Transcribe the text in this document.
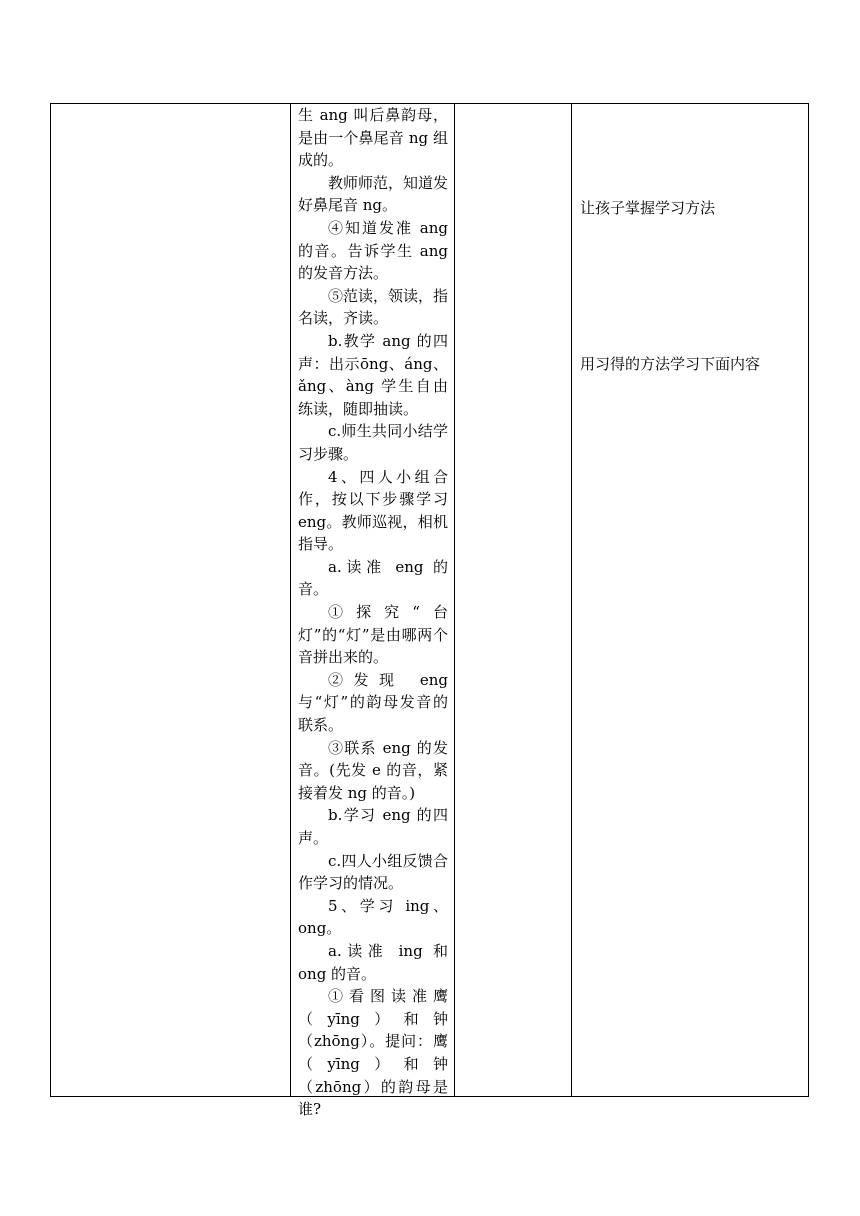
生 ang 叫后鼻韵母，是由一个鼻尾音 ng 组成的。

教师师范，知道发好鼻尾音 ng。

④知道发准 ang 的音。告诉学生 ang 的发音方法。

⑤范读，领读，指名读，齐读。

b.教学 ang 的四声：出示ōng、áng、ǎng、àng 学生自由练读，随即抽读。

c.师生共同小结学习步骤。

4、四人小组合作，按以下步骤学习 eng。教师巡视，相机指导。

a.读准 eng 的音。

①探究“台灯”的“灯”是由哪两个音拼出来的。

②发现 eng 与“灯”的韵母发音的联系。

③联系 eng 的发音。(先发 e 的音，紧接着发 ng 的音。)

b.学习 eng 的四声。

c.四人小组反馈合作学习的情况。

5、学习 ing、ong。

a.读准 ing 和 ong 的音。

①看图读准鹰（yīng）和钟（zhōng）。提问：鹰（yīng）和钟（zhōng）的韵母是谁?

让孩子掌握学习方法
用习得的方法学习下面内容
